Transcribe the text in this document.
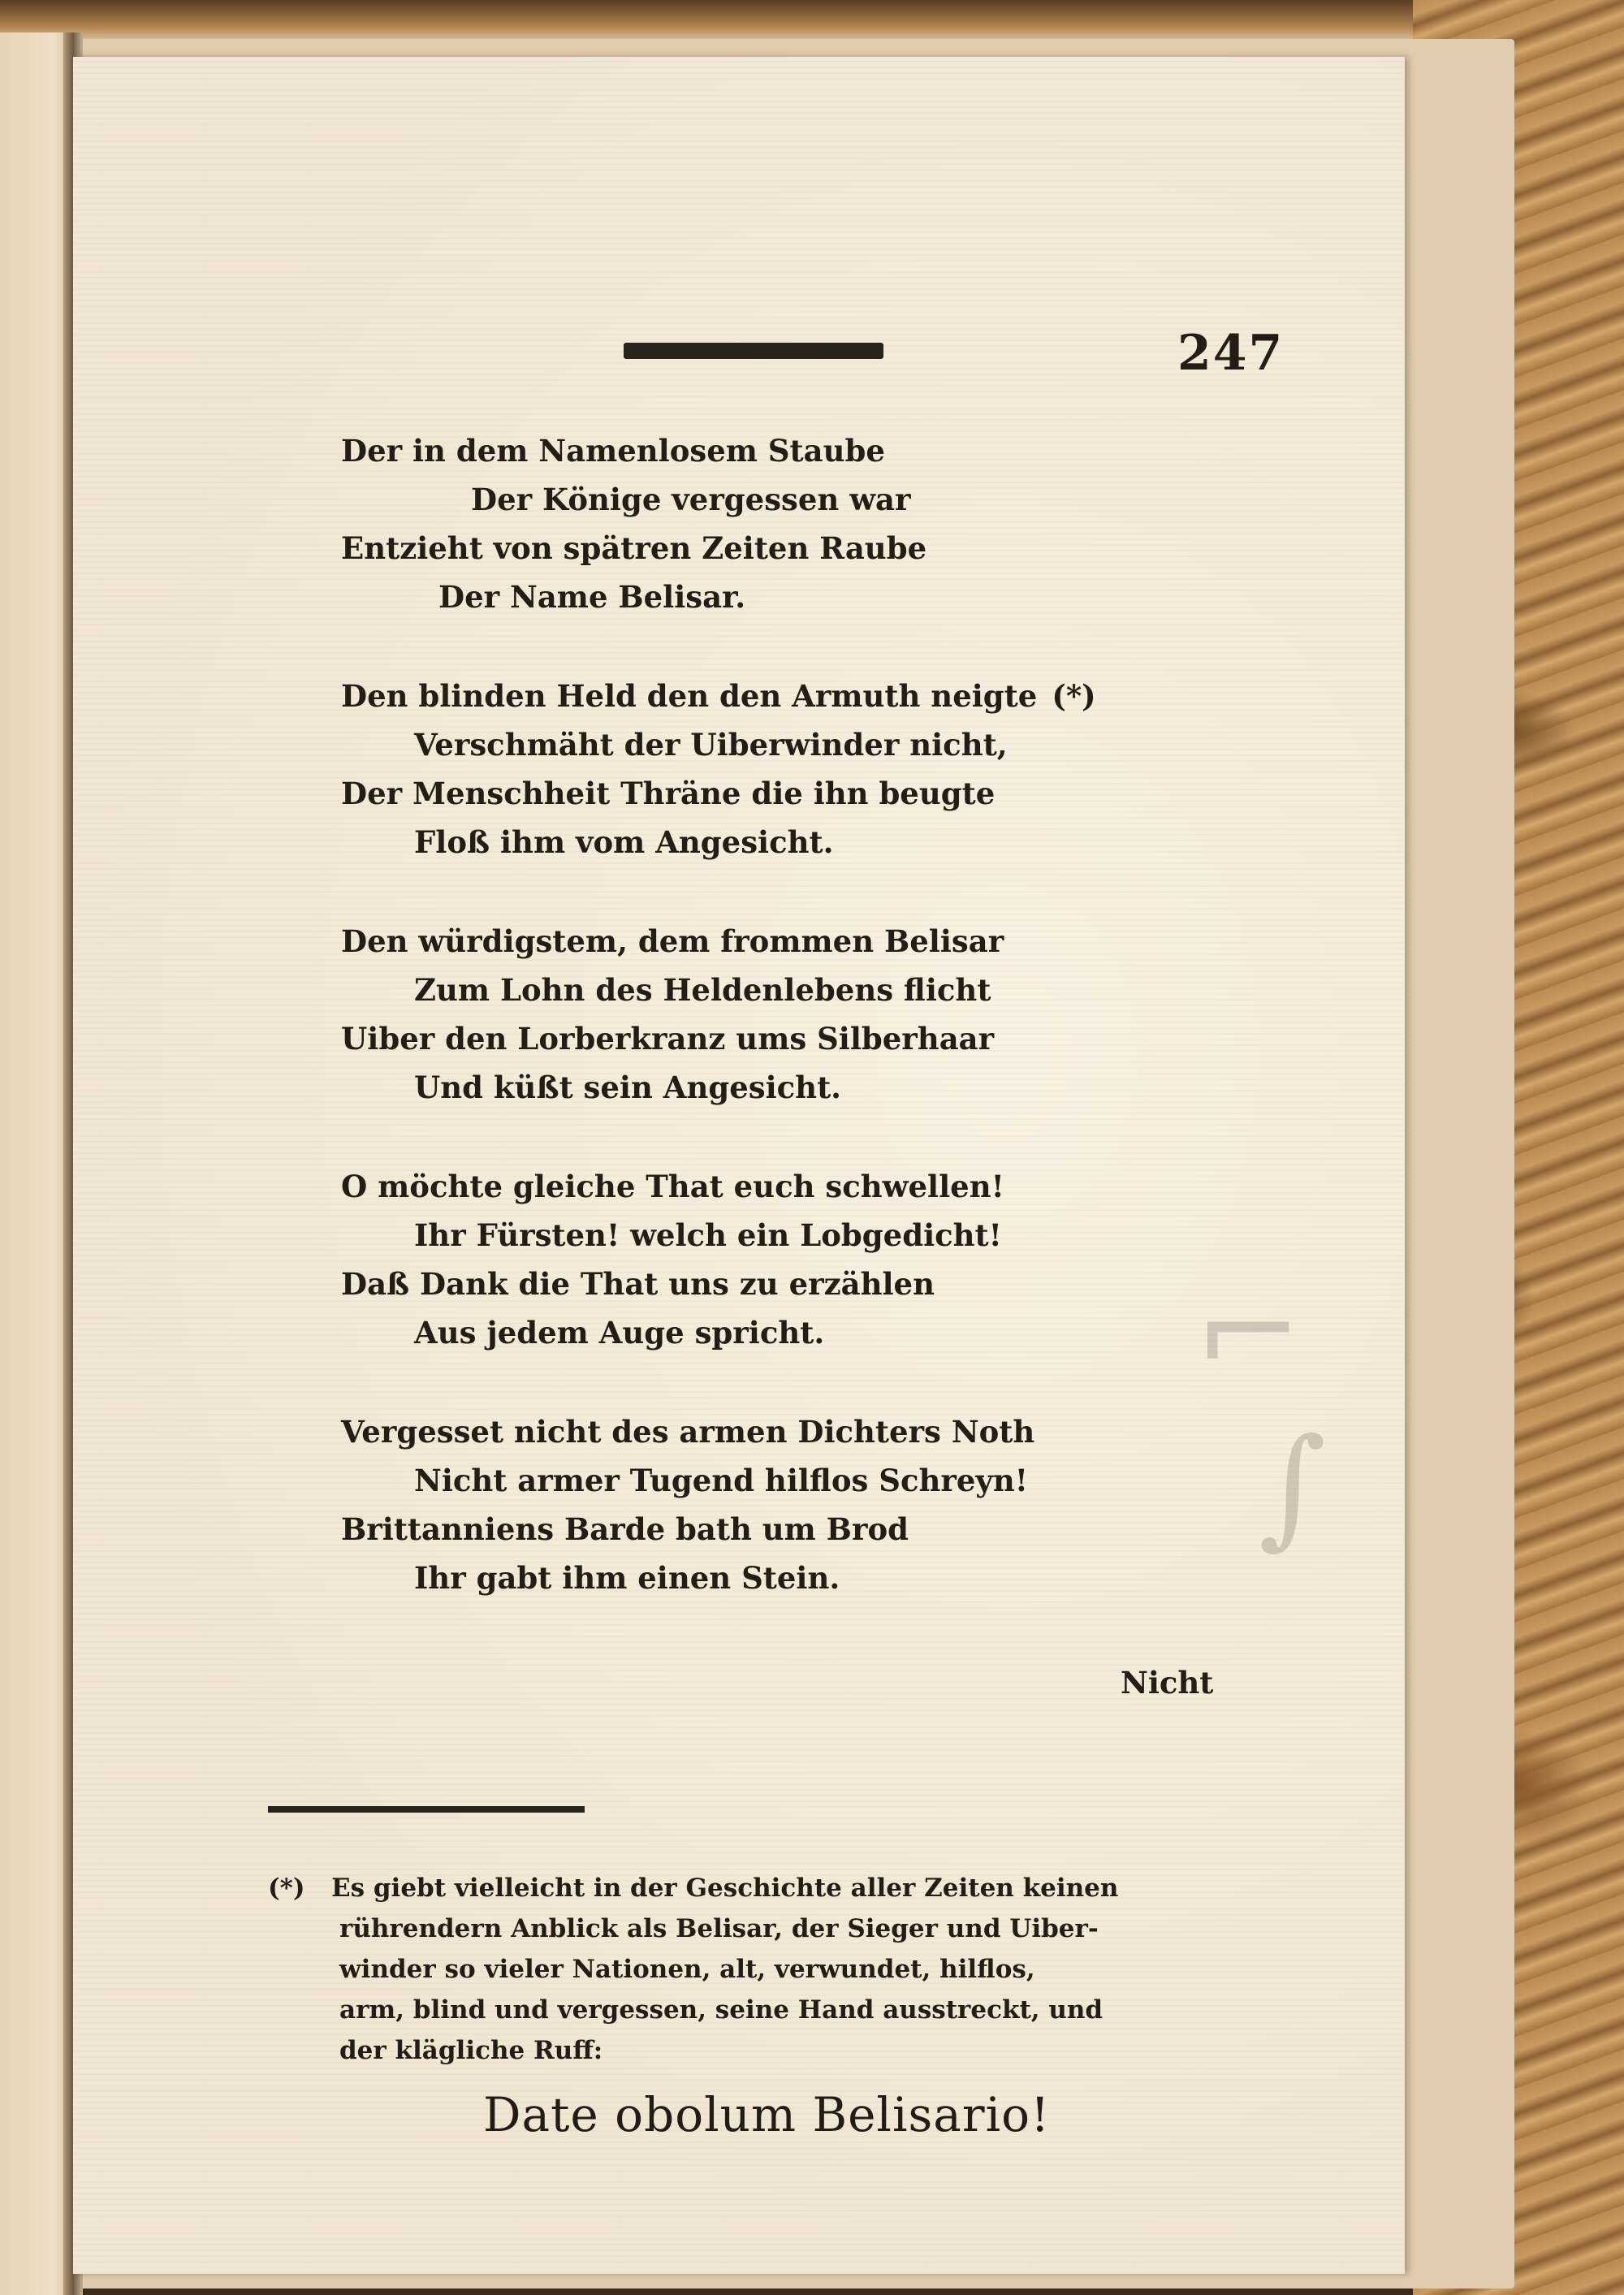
⌐
∫
247
Der in dem Namenlosem Staube
Der Könige vergessen war
Entzieht von spätren Zeiten Raube
Der Name Belisar.
Den blinden Held den den Armuth neigte (*)
Verschmäht der Uiberwinder nicht,
Der Menschheit Thräne die ihn beugte
Floß ihm vom Angesicht.
Den würdigstem, dem frommen Belisar
Zum Lohn des Heldenlebens flicht
Uiber den Lorberkranz ums Silberhaar
Und küßt sein Angesicht.
O möchte gleiche That euch schwellen!
Ihr Fürsten! welch ein Lobgedicht!
Daß Dank die That uns zu erzählen
Aus jedem Auge spricht.
Vergesset nicht des armen Dichters Noth
Nicht armer Tugend hilflos Schreyn!
Brittanniens Barde bath um Brod
Ihr gabt ihm einen Stein.
Nicht
(*) Es giebt vielleicht in der Geschichte aller Zeiten keinen
rührendern Anblick als Belisar, der Sieger und Uiber-
winder so vieler Nationen, alt, verwundet, hilflos,
arm, blind und vergessen, seine Hand ausstreckt, und
der klägliche Ruff:
Date obolum Belisario!
